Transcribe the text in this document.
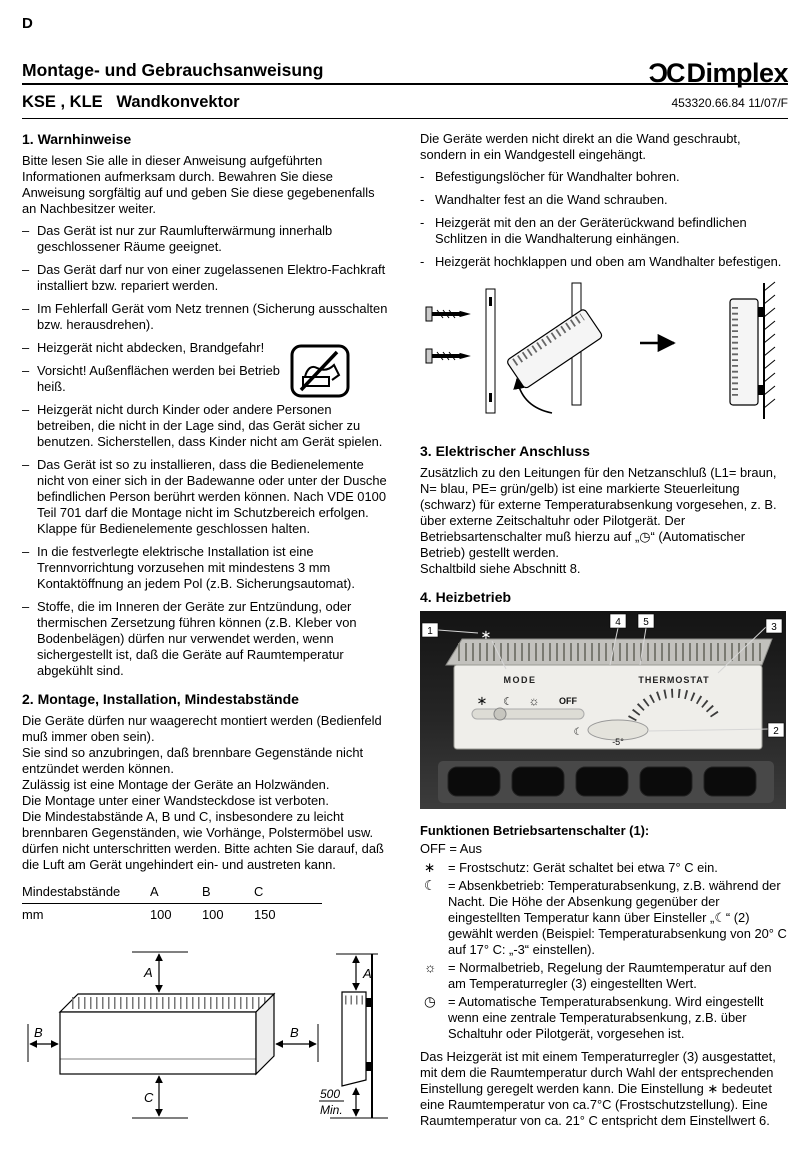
D
Montage- und Gebrauchsanweisung	ƆC Dimplex
KSE , KLE   Wandkonvektor	453320.66.84 11/07/F
1. Warnhinweise

Bitte lesen Sie alle in dieser Anweisung aufgeführten Informationen aufmerksam durch. Bewahren Sie diese Anweisung sorgfältig auf und geben Sie diese gegebenenfalls an Nachbesitzer weiter.

– Das Gerät ist nur zur Raumlufterwärmung innerhalb geschlossener Räume geeignet.
– Das Gerät darf nur von einer zugelassenen Elektro-Fachkraft installiert bzw. repariert werden.
– Im Fehlerfall Gerät vom Netz trennen (Sicherung ausschalten bzw. herausdrehen).
– Heizgerät nicht abdecken, Brandgefahr!
– Vorsicht! Außenflächen werden bei Betrieb heiß.
– Heizgerät nicht durch Kinder oder andere Personen betreiben, die nicht in der Lage sind, das Gerät sicher zu benutzen. Sicherstellen, dass Kinder nicht am Gerät spielen.
– Das Gerät ist so zu installieren, dass die Bedienelemente nicht von einer sich in der Badewanne oder unter der Dusche befindlichen Person berührt werden können. Nach VDE 0100 Teil 701 darf die Montage nicht im Schutzbereich erfolgen. Klappe für Bedienelemente geschlossen halten.
– In die festverlegte elektrische Installation ist eine Trennvorrichtung vorzusehen mit mindestens 3 mm Kontaktöffnung an jedem Pol (z.B. Sicherungsautomat).
– Stoffe, die im Inneren der Geräte zur Entzündung, oder thermischen Zersetzung führen können (z.B. Kleber von Bodenbelägen) dürfen nur verwendet werden, wenn sichergestellt ist, daß die Geräte auf Raumtemperatur abgekühlt sind.
2. Montage, Installation, Mindestabstände

Die Geräte dürfen nur waagerecht montiert werden (Bedienfeld muß immer oben sein).

Sie sind so anzubringen, daß brennbare Gegenstände nicht entzündet werden können.

Zulässig ist eine Montage der Geräte an Holzwänden.

Die Montage unter einer Wandsteckdose ist verboten.

Die Mindestabstände A, B und C, insbesondere zu leicht brennbaren Gegenständen, wie Vorhänge, Polstermöbel usw. dürfen nicht unterschritten werden. Bitte achten Sie darauf, daß die Luft am Gerät ungehindert ein- und austreten kann.

Mindestabstände	A	B	C
mm	100	100	150
A
B	B
C
A
500
Min.

Die Geräte werden nicht direkt an die Wand geschraubt, sondern in ein Wandgestell eingehängt.

- Befestigungslöcher für Wandhalter bohren.
- Wandhalter fest an die Wand schrauben.
- Heizgerät mit den an der Geräterückwand befindlichen Schlitzen in die Wandhalterung einhängen.
- Heizgerät hochklappen und oben am Wandhalter befestigen.
3. Elektrischer Anschluss

Zusätzlich zu den Leitungen für den Netzanschluß (L1= braun, N= blau, PE= grün/gelb) ist eine markierte Steuerleitung (schwarz) für externe Temperaturabsenkung vorgesehen, z. B. über externe Zeitschaltuhr oder Pilotgerät. Der Betriebsartenschalter muß hierzu auf „◷“ (Automatischer Betrieb) gestellt werden.

Schaltbild siehe Abschnitt 8.

4. Heizbetrieb
MODE	THERMOSTAT
∗ ☾ ☼ OFF
☾
-5°
∗
1
4 5	3
2
Funktionen Betriebsartenschalter (1):
OFF = Aus
∗ = Frostschutz: Gerät schaltet bei etwa 7° C ein.
☾ = Absenkbetrieb: Temperaturabsenkung, z.B. während der Nacht. Die Höhe der Absenkung gegenüber der eingestellten Temperatur kann über Einsteller „☾“ (2) gewählt werden (Beispiel: Temperaturabsenkung von 20° C auf 17° C: „-3“ einstellen).
☼ = Normalbetrieb, Regelung der Raumtemperatur auf den am Temperaturregler (3) eingestellten Wert.
◷ = Automatische Temperaturabsenkung. Wird eingestellt wenn eine zentrale Temperaturabsenkung, z.B. über Schaltuhr oder Pilotgerät, vorgesehen ist.

Das Heizgerät ist mit einem Temperaturregler (3) ausgestattet, mit dem die Raumtemperatur durch Wahl der entsprechenden Einstellung geregelt werden kann. Die Einstellung ∗ bedeutet eine Raumtemperatur von ca.7°C (Frostschutzstellung). Eine Raumtemperatur von ca. 21° C entspricht dem Einstellwert 6.
